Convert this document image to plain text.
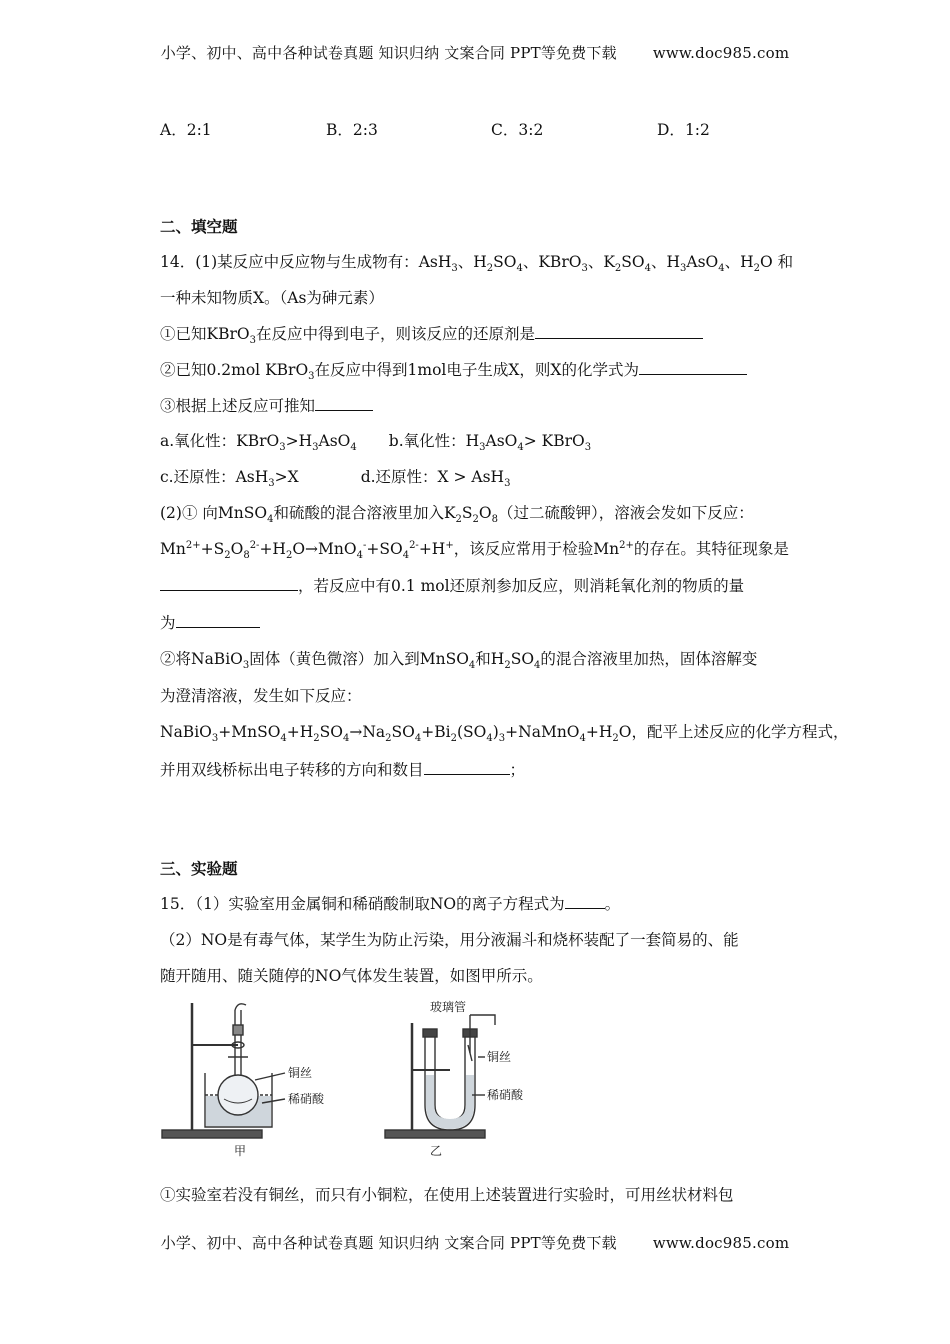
小学、初中、高中各种试卷真题 知识归纳 文案合同 PPT等免费下载 www.doc985.com
A．2:1	B．2:3	C．3:2	D．1:2
二、填空题
14．(1)某反应中反应物与生成物有：AsH$_3$、$H_2SO_4$、KBrO$_3$、$K_2SO_4$、$H_3AsO_4$、$H_2O$ 和
一种未知物质X。（As为砷元素）
①已知KBrO$_3$在反应中得到电子，则该反应的还原剂是
②已知0.2mol KBrO$_3$在反应中得到1mol电子生成X，则X的化学式为
③根据上述反应可推知
a.氧化性：$KBrO_3>H_3AsO_4$ b.氧化性：$H_3AsO_4>$ KBrO$_3$
c.还原性：AsH$_3$>X	d.还原性：X > AsH$_3$
(2)① 向MnSO$_4$和硫酸的混合溶液里加入$K_2S_2O_8$（过二硫酸钾），溶液会发如下反应：
$Mn^{2+}+S_2O_8^{2-}+H_2O\to MnO_4^-+SO_4^{2-}+H^+$，该反应常用于检验$Mn^{2+}$的存在。其特征现象是
，若反应中有0.1 mol还原剂参加反应，则消耗氧化剂的物质的量
为
②将NaBiO$_3$固体（黄色微溶）加入到MnSO$_4$和$H_2SO_4$的混合溶液里加热，固体溶解变
为澄清溶液，发生如下反应：
$NaBiO_3+MnSO_4+H_2SO_4\to Na_2SO_4+Bi_2(SO_4)_3+NaMnO_4+H_2O$，配平上述反应的化学方程式，
并用双线桥标出电子转移的方向和数目	；
三、实验题
15．（1）实验室用金属铜和稀硝酸制取NO的离子方程式为	。
（2）NO是有毒气体，某学生为防止污染，用分液漏斗和烧杯装配了一套简易的、能
随开随用、随关随停的NO气体发生装置，如图甲所示。
铜丝
稀硝酸
甲
玻璃管
铜丝
稀硝酸
乙
①实验室若没有铜丝，而只有小铜粒，在使用上述装置进行实验时，可用丝状材料包
小学、初中、高中各种试卷真题 知识归纳 文案合同 PPT等免费下载 www.doc985.com
